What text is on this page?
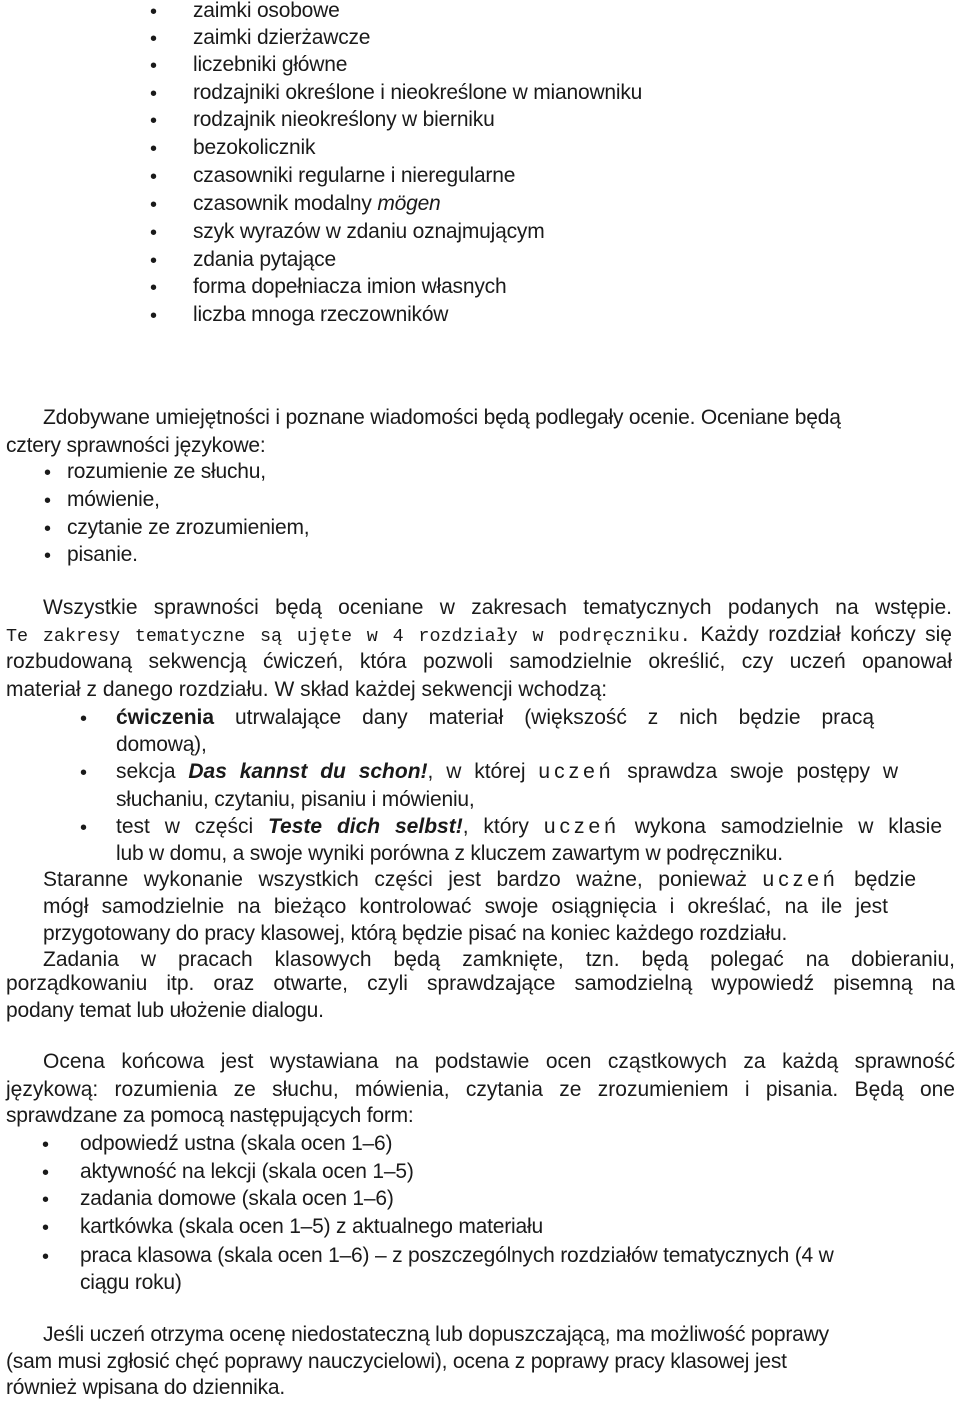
• zaimki osobowe
• zaimki dzierżawcze
• liczebniki główne
• rodzajniki określone i nieokreślone w mianowniku
• rodzajnik nieokreślony w bierniku
• bezokolicznik
• czasowniki regularne i nieregularne
• czasownik modalny mögen
• szyk wyrazów w zdaniu oznajmującym
• zdania pytające
• forma dopełniacza imion własnych
• liczba mnoga rzeczowników
Zdobywane umiejętności i poznane wiadomości będą podlegały ocenie. Oceniane będą
cztery sprawności językowe:
• rozumienie ze słuchu,
• mówienie,
• czytanie ze zrozumieniem,
• pisanie.
Wszystkie sprawności będą oceniane w zakresach tematycznych podanych na wstępie.
Te zakresy tematyczne są ujęte w 4 rozdziały w podręczniku. Każdy rozdział kończy się
rozbudowaną sekwencją ćwiczeń, która pozwoli samodzielnie określić, czy uczeń opanował
materiał z danego rozdziału. W skład każdej sekwencji wchodzą:
• ćwiczenia utrwalające dany materiał (większość z nich będzie pracą
domową),
• sekcja Das kannst du schon!, w której uczeń sprawdza swoje postępy w
słuchaniu, czytaniu, pisaniu i mówieniu,
• test w części Teste dich selbst!, który uczeń wykona samodzielnie w klasie
lub w domu, a swoje wyniki porówna z kluczem zawartym w podręczniku.
Staranne wykonanie wszystkich części jest bardzo ważne, ponieważ uczeń będzie
mógł samodzielnie na bieżąco kontrolować swoje osiągnięcia i określać, na ile jest
przygotowany do pracy klasowej, którą będzie pisać na koniec każdego rozdziału.
Zadania w pracach klasowych będą zamknięte, tzn. będą polegać na dobieraniu,
porządkowaniu itp. oraz otwarte, czyli sprawdzające samodzielną wypowiedź pisemną na
podany temat lub ułożenie dialogu.
Ocena końcowa jest wystawiana na podstawie ocen cząstkowych za każdą sprawność
językową: rozumienia ze słuchu, mówienia, czytania ze zrozumieniem i pisania. Będą one
sprawdzane za pomocą następujących form:
• odpowiedź ustna (skala ocen 1–6)
• aktywność na lekcji (skala ocen 1–5)
• zadania domowe (skala ocen 1–6)
• kartkówka (skala ocen 1–5) z aktualnego materiału
• praca klasowa (skala ocen 1–6) – z poszczególnych rozdziałów tematycznych (4 w
ciągu roku)
Jeśli uczeń otrzyma ocenę niedostateczną lub dopuszczającą, ma możliwość poprawy
(sam musi zgłosić chęć poprawy nauczycielowi), ocena z poprawy pracy klasowej jest
również wpisana do dziennika.
